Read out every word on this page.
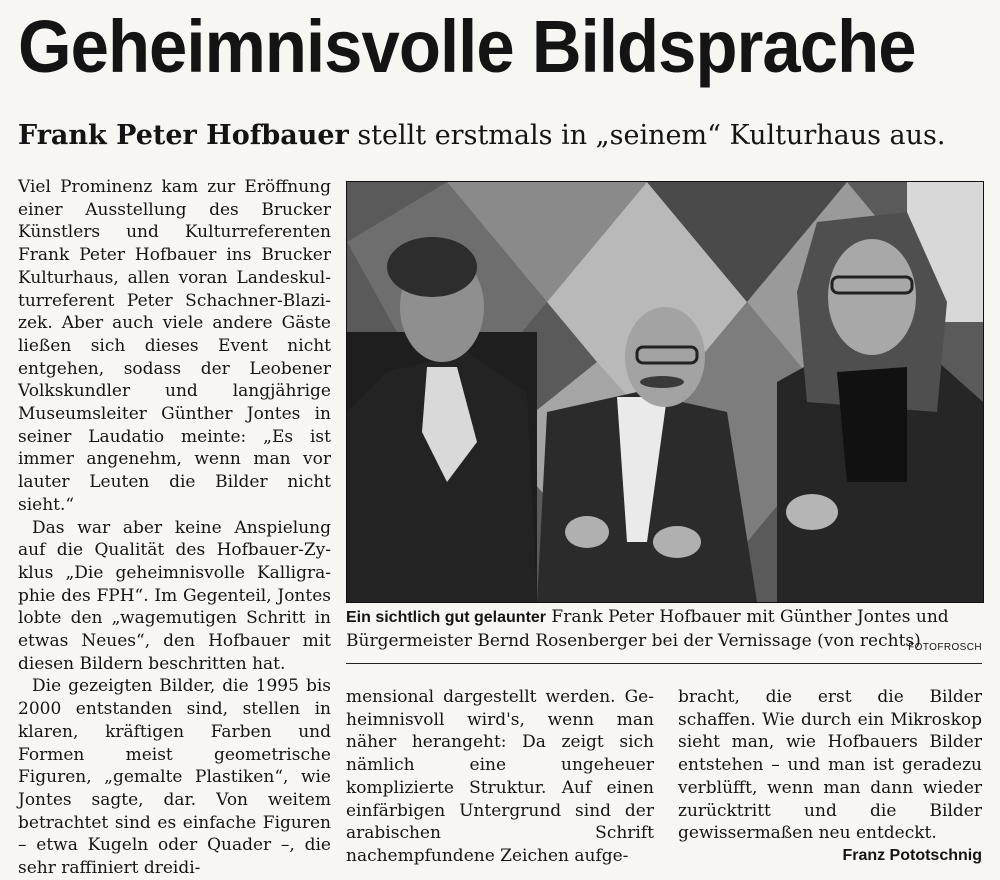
Geheimnisvolle Bildsprache
Frank Peter Hofbauer stellt erstmals in „seinem“ Kulturhaus aus.

Viel Prominenz kam zur Eröffnung einer Ausstellung des Brucker Künstlers und Kulturreferenten Frank Peter Hofbauer ins Brucker Kulturhaus, allen voran Landeskulturreferent Peter Schachner-Blazizek. Aber auch viele andere Gäste ließen sich dieses Event nicht entgehen, sodass der Leobener Volkskundler und langjährige Museumsleiter Günther Jontes in seiner Laudatio meinte: „Es ist immer angenehm, wenn man vor lauter Leuten die Bilder nicht sieht.“

Das war aber keine Anspielung auf die Qualität des Hofbauer-Zyklus „Die geheimnisvolle Kalligraphie des FPH“. Im Gegenteil, Jontes lobte den „wagemutigen Schritt in etwas Neues“, den Hofbauer mit diesen Bildern beschritten hat.

Die gezeigten Bilder, die 1995 bis 2000 entstanden sind, stellen in klaren, kräftigen Farben und Formen meist geometrische Figuren, „gemalte Plastiken“, wie Jontes sagte, dar. Von weitem betrachtet sind es einfache Figuren – etwa Kugeln oder Quader –, die sehr raffiniert dreidi-

Ein sichtlich gut gelaunter Frank Peter Hofbauer mit Günther Jontes und Bürgermeister Bernd Rosenberger bei der Vernissage (von rechts)
FOTOFROSCH

mensional dargestellt werden. Geheimnisvoll wird's, wenn man näher herangeht: Da zeigt sich nämlich eine ungeheuer komplizierte Struktur. Auf einen einfärbigen Untergrund sind der arabischen Schrift nachempfundene Zeichen aufge-

bracht, die erst die Bilder schaffen. Wie durch ein Mikroskop sieht man, wie Hofbauers Bilder entstehen – und man ist geradezu verblüfft, wenn man dann wieder zurücktritt und die Bilder gewissermaßen neu entdeckt.
Franz Pototschnig
